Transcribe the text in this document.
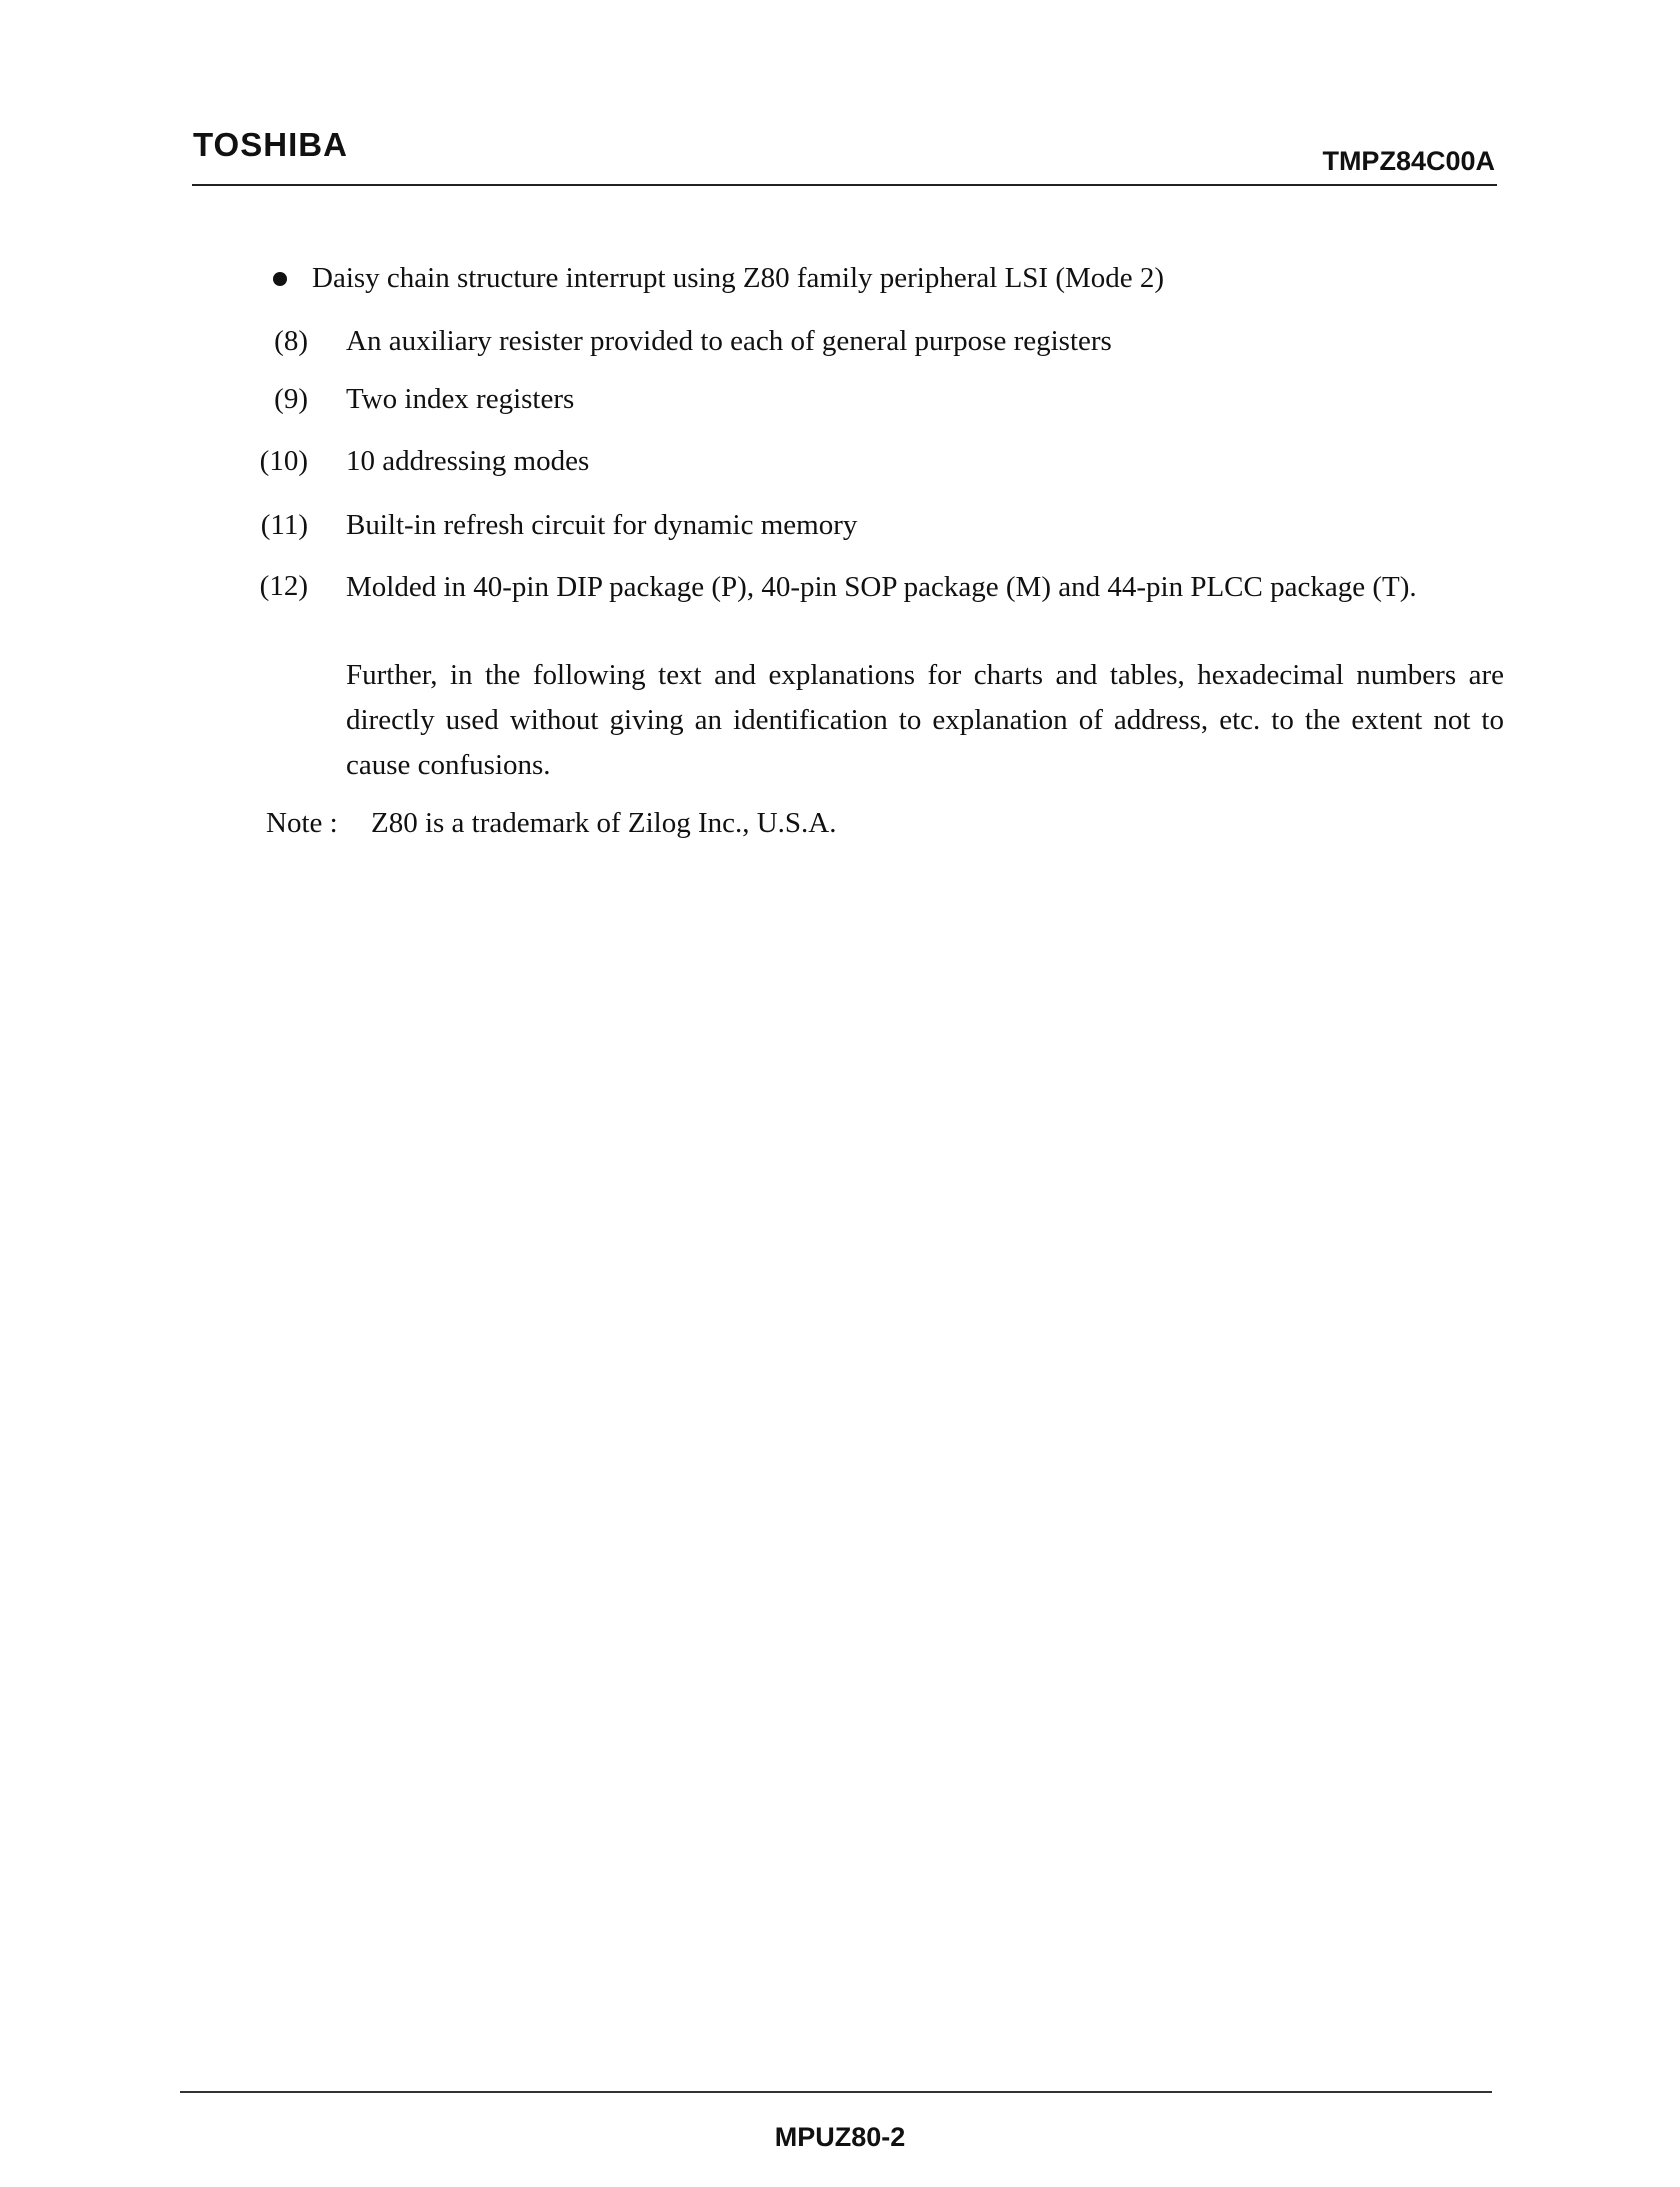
TOSHIBA	TMPZ84C00A
Daisy chain structure interrupt using Z80 family peripheral LSI (Mode 2)
(8) An auxiliary resister provided to each of general purpose registers
(9) Two index registers
(10) 10 addressing modes
(11) Built-in refresh circuit for dynamic memory
(12) Molded in 40-pin DIP package (P), 40-pin SOP package (M) and 44-pin PLCC package (T).
Further, in the following text and explanations for charts and tables, hexadecimal numbers are directly used without giving an identification to explanation of address, etc. to the extent not to cause confusions.
Note : Z80 is a trademark of Zilog Inc., U.S.A.
MPUZ80-2
